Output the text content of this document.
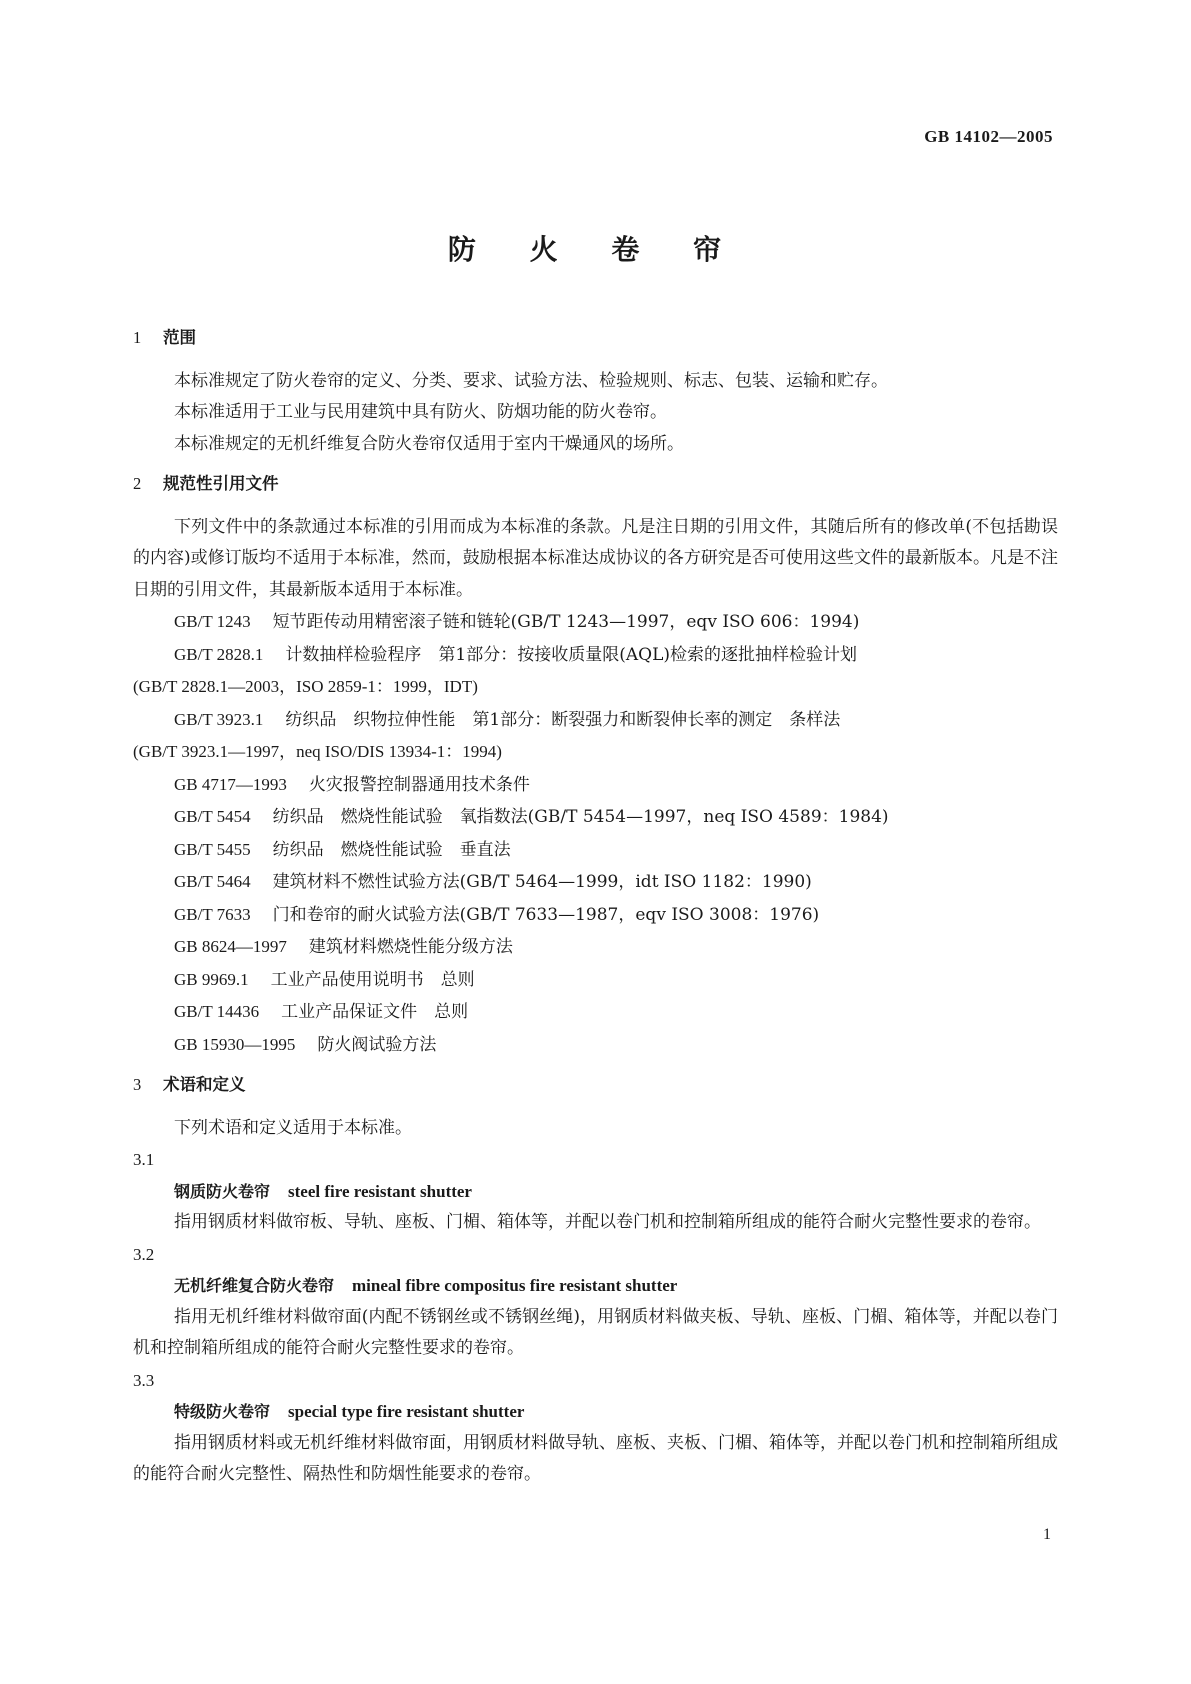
GB 14102—2005
防 火 卷 帘

1 范围

本标准规定了防火卷帘的定义、分类、要求、试验方法、检验规则、标志、包装、运输和贮存。

本标准适用于工业与民用建筑中具有防火、防烟功能的防火卷帘。

本标准规定的无机纤维复合防火卷帘仅适用于室内干燥通风的场所。

2 规范性引用文件

下列文件中的条款通过本标准的引用而成为本标准的条款。凡是注日期的引用文件，其随后所有的修改单(不包括勘误的内容)或修订版均不适用于本标准，然而，鼓励根据本标准达成协议的各方研究是否可使用这些文件的最新版本。凡是不注日期的引用文件，其最新版本适用于本标准。

GB/T 1243 短节距传动用精密滚子链和链轮(GB/T 1243—1997，eqv ISO 606：1994)

GB/T 2828.1 计数抽样检验程序　第1部分：按接收质量限(AQL)检索的逐批抽样检验计划

(GB/T 2828.1—2003，ISO 2859-1：1999，IDT)

GB/T 3923.1 纺织品　织物拉伸性能　第1部分：断裂强力和断裂伸长率的测定　条样法

(GB/T 3923.1—1997，neq ISO/DIS 13934-1：1994)

GB 4717—1993 火灾报警控制器通用技术条件

GB/T 5454 纺织品　燃烧性能试验　氧指数法(GB/T 5454—1997，neq ISO 4589：1984)

GB/T 5455 纺织品　燃烧性能试验　垂直法

GB/T 5464 建筑材料不燃性试验方法(GB/T 5464—1999，idt ISO 1182：1990)

GB/T 7633 门和卷帘的耐火试验方法(GB/T 7633—1987，eqv ISO 3008：1976)

GB 8624—1997 建筑材料燃烧性能分级方法

GB 9969.1 工业产品使用说明书　总则

GB/T 14436 工业产品保证文件　总则

GB 15930—1995 防火阀试验方法

3 术语和定义

下列术语和定义适用于本标准。

3.1

钢质防火卷帘 steel fire resistant shutter

指用钢质材料做帘板、导轨、座板、门楣、箱体等，并配以卷门机和控制箱所组成的能符合耐火完整性要求的卷帘。

3.2

无机纤维复合防火卷帘 mineal fibre compositus fire resistant shutter

指用无机纤维材料做帘面(内配不锈钢丝或不锈钢丝绳)，用钢质材料做夹板、导轨、座板、门楣、箱体等，并配以卷门机和控制箱所组成的能符合耐火完整性要求的卷帘。

3.3

特级防火卷帘 special type fire resistant shutter

指用钢质材料或无机纤维材料做帘面，用钢质材料做导轨、座板、夹板、门楣、箱体等，并配以卷门机和控制箱所组成的能符合耐火完整性、隔热性和防烟性能要求的卷帘。

1
